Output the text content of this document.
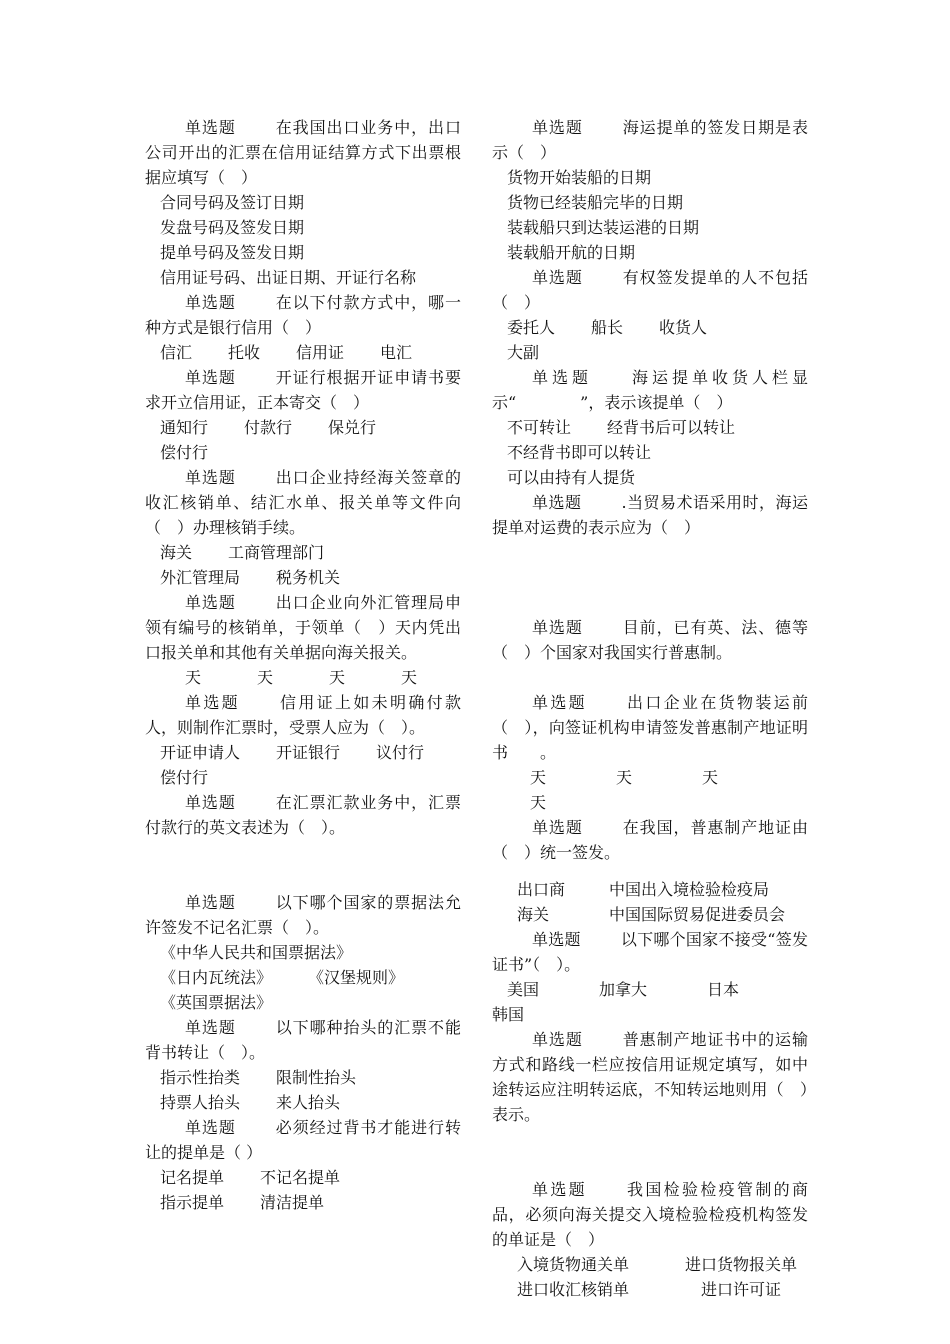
单选题	在我国出口业务中，出口公司开出的汇票在信用证结算方式下出票根据应填写（　）
合同号码及签订日期
发盘号码及签发日期
提单号码及签发日期
信用证号码、出证日期、开证行名称
单选题	在以下付款方式中，哪一种方式是银行信用（　）
信汇 托收 信用证 电汇
单选题	开证行根据开证申请书要求开立信用证，正本寄交（　）
通知行 付款行 保兑行
偿付行
单选题	出口企业持经海关签章的收汇核销单、结汇水单、报关单等文件向（　）办理核销手续。
海关 工商管理部门
外汇管理局 税务机关
单选题	出口企业向外汇管理局申领有编号的核销单，于领单（　）天内凭出口报关单和其他有关单据向海关报关。
天	天	天	天
单选题	信用证上如未明确付款人，则制作汇票时，受票人应为（　）。
开证申请人 开证银行 议付行
偿付行
单选题	在汇票汇款业务中，汇票付款行的英文表述为（　）。
单选题	以下哪个国家的票据法允许签发不记名汇票（　）。
《中华人民共和国票据法》
《日内瓦统法》 《汉堡规则》
《英国票据法》
单选题	以下哪种抬头的汇票不能背书转让（　）。
指示性抬类 限制性抬头
持票人抬头 来人抬头
单选题	必须经过背书才能进行转让的提单是（ ）
记名提单 不记名提单
指示提单 清洁提单
单选题	海运提单的签发日期是表示（　）
货物开始装船的日期
货物已经装船完毕的日期
装载船只到达装运港的日期
装载船开航的日期
单选题	有权签发提单的人不包括（　）
委托人 船长 收货人
大副
单选题	海运提单收货人栏显示“　　　　”，表示该提单（　）
不可转让 经背书后可以转让
不经背书即可以转让
可以由持有人提货
单选题	.当贸易术语采用时，海运提单对运费的表示应为（　）
单选题	目前，已有英、法、德等（　）个国家对我国实行普惠制。
单选题	出口企业在货物装运前（　），向签证机构申请签发普惠制产地证明书　　。
天	天	天
天
单选题	在我国，普惠制产地证由（　）统一签发。
出口商	中国出入境检验检疫局
海关	中国国际贸易促进委员会
单选题	以下哪个国家不接受“签发证书”（　）。
美国	加拿大	日本
韩国
单选题	普惠制产地证书中的运输方式和路线一栏应按信用证规定填写，如中途转运应注明转运底，不知转运地则用（　）表示。
单选题	我国检验检疫管制的商品，必须向海关提交入境检验检疫机构签发的单证是（　）
入境货物通关单	进口货物报关单
进口收汇核销单	进口许可证
